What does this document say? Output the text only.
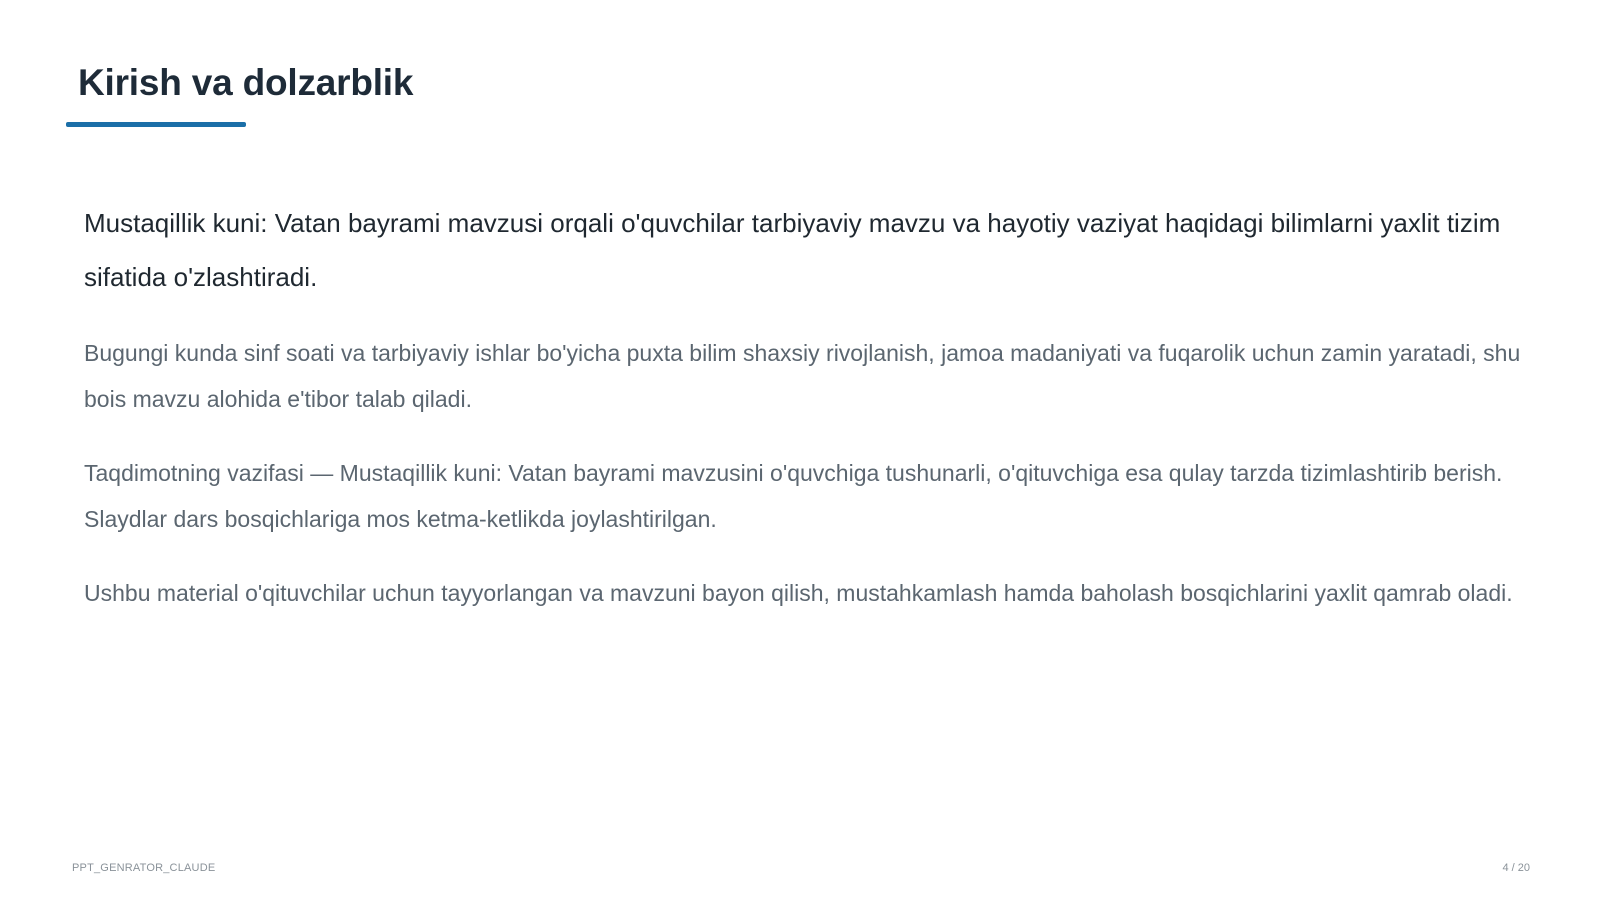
Kirish va dolzarblik

Mustaqillik kuni: Vatan bayrami mavzusi orqali o'quvchilar tarbiyaviy mavzu va hayotiy vaziyat haqidagi bilimlarni yaxlit tizim sifatida o'zlashtiradi.

Bugungi kunda sinf soati va tarbiyaviy ishlar bo'yicha puxta bilim shaxsiy rivojlanish, jamoa madaniyati va fuqarolik uchun zamin yaratadi, shu bois mavzu alohida e'tibor talab qiladi.

Taqdimotning vazifasi — Mustaqillik kuni: Vatan bayrami mavzusini o'quvchiga tushunarli, o'qituvchiga esa qulay tarzda tizimlashtirib berish. Slaydlar dars bosqichlariga mos ketma-ketlikda joylashtirilgan.

Ushbu material o'qituvchilar uchun tayyorlangan va mavzuni bayon qilish, mustahkamlash hamda baholash bosqichlarini yaxlit qamrab oladi.

PPT_GENRATOR_CLAUDE	4 / 20
